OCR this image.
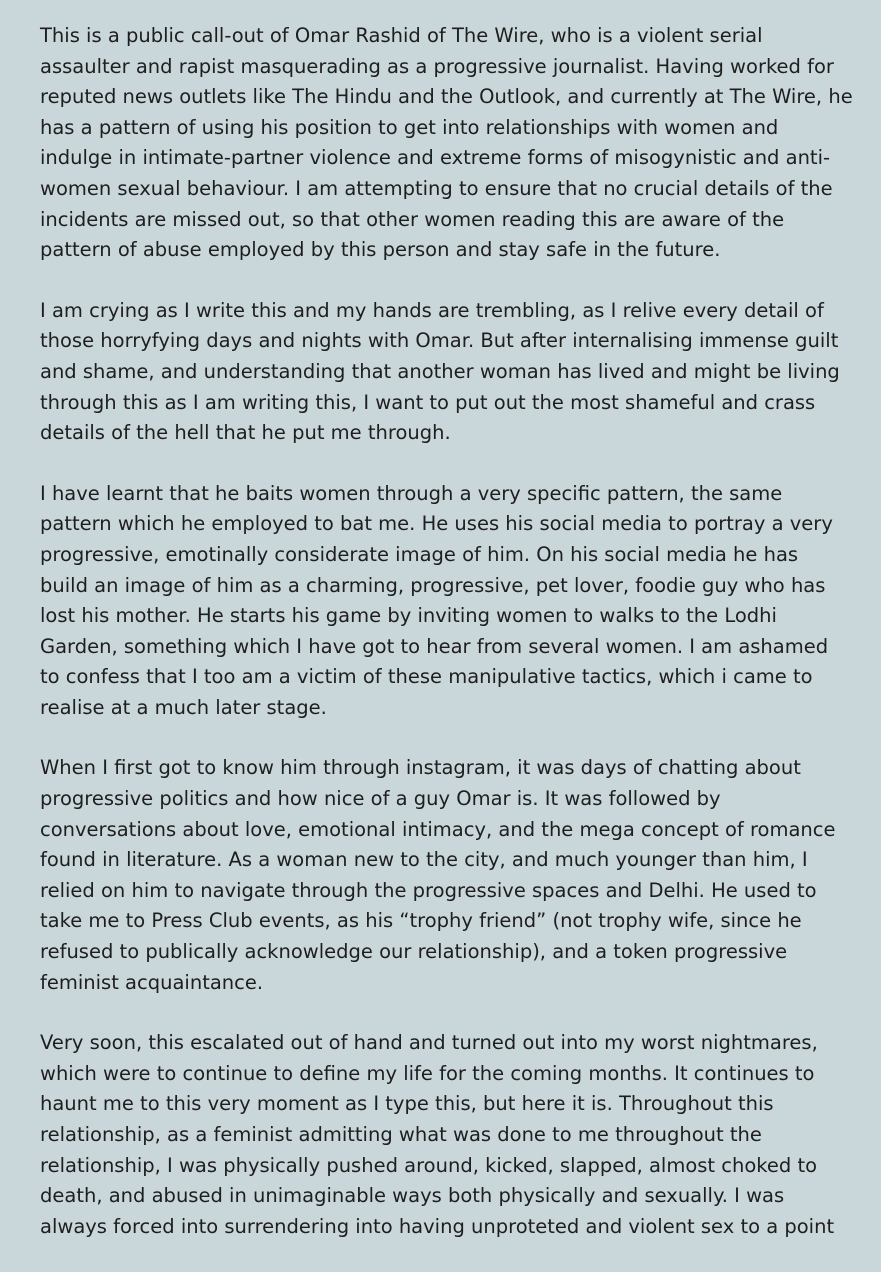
This is a public call-out of Omar Rashid of The Wire, who is a violent serial
assaulter and rapist masquerading as a progressive journalist. Having worked for
reputed news outlets like The Hindu and the Outlook, and currently at The Wire, he
has a pattern of using his position to get into relationships with women and
indulge in intimate-partner violence and extreme forms of misogynistic and anti-
women sexual behaviour. I am attempting to ensure that no crucial details of the
incidents are missed out, so that other women reading this are aware of the
pattern of abuse employed by this person and stay safe in the future.

I am crying as I write this and my hands are trembling, as I relive every detail of
those horryfying days and nights with Omar. But after internalising immense guilt
and shame, and understanding that another woman has lived and might be living
through this as I am writing this, I want to put out the most shameful and crass
details of the hell that he put me through.

I have learnt that he baits women through a very specific pattern, the same
pattern which he employed to bat me. He uses his social media to portray a very
progressive, emotinally considerate image of him. On his social media he has
build an image of him as a charming, progressive, pet lover, foodie guy who has
lost his mother. He starts his game by inviting women to walks to the Lodhi
Garden, something which I have got to hear from several women. I am ashamed
to confess that I too am a victim of these manipulative tactics, which i came to
realise at a much later stage.

When I first got to know him through instagram, it was days of chatting about
progressive politics and how nice of a guy Omar is. It was followed by
conversations about love, emotional intimacy, and the mega concept of romance
found in literature. As a woman new to the city, and much younger than him, I
relied on him to navigate through the progressive spaces and Delhi. He used to
take me to Press Club events, as his “trophy friend” (not trophy wife, since he
refused to publically acknowledge our relationship), and a token progressive
feminist acquaintance.

Very soon, this escalated out of hand and turned out into my worst nightmares,
which were to continue to define my life for the coming months. It continues to
haunt me to this very moment as I type this, but here it is. Throughout this
relationship, as a feminist admitting what was done to me throughout the
relationship, I was physically pushed around, kicked, slapped, almost choked to
death, and abused in unimaginable ways both physically and sexually. I was
always forced into surrendering into having unproteted and violent sex to a point
